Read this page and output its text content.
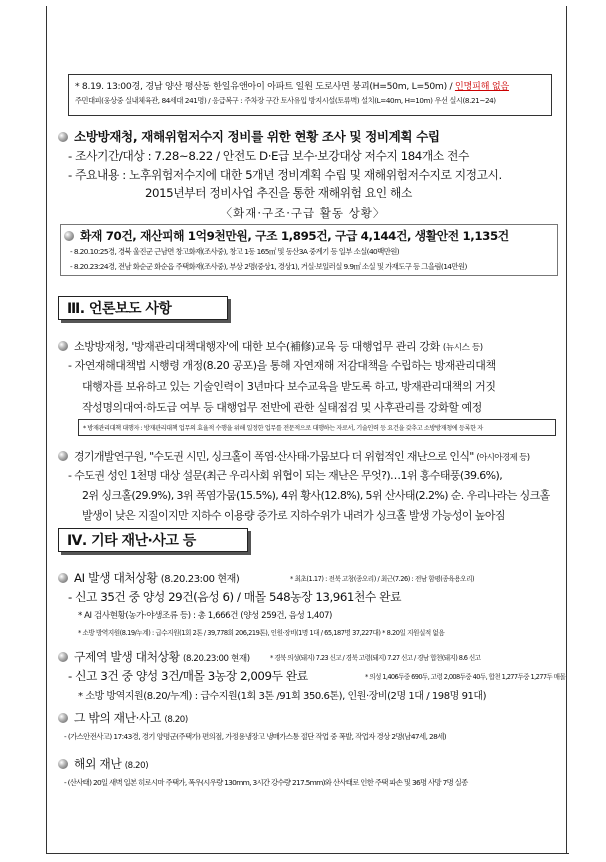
* 8.19. 13:00경, 경남 양산 평산동 한일유앤아이 아파트 일원 도로사면 붕괴(H=50m, L=50m) / 인명피해 없음
주민대피(웅상중 실내체육관, 84세대 241명) / 응급복구 : 주차장 구간 토사유입 방지시설(토류벽) 설치(L=40m, H=10m) 우선 실시(8.21~24)
소방방재청, 재해위험저수지 정비를 위한 현황 조사 및 정비계획 수립
- 조사기간/대상 : 7.28~8.22 / 안전도 D·E급 보수·보강대상 저수지 184개소 전수
- 주요내용 : 노후위험저수지에 대한 5개년 정비계획 수립 및 재해위험저수지로 지정고시.
2015년부터 정비사업 추진을 통한 재해위험 요인 해소
〈화재·구조·구급 활동 상황〉
화재 70건, 재산피해 1억9천만원, 구조 1,895건, 구급 4,144건, 생활안전 1,135건
- 8.20.10:25경, 경북 울진군 근남면 창고화재(조사중), 창고 1동 165㎡ 및 동산3A 중계기 등 일부 소실(40백만원)
- 8.20.23:24경, 전남 화순군 화순읍 주택화재(조사중), 부상 2명(중상1, 경상1), 거실·보일러실 9.9㎡ 소실 및 가재도구 등 그을림(14만원)
Ⅲ. 언론보도 사항
소방방재청, '방재관리대책대행자'에 대한 보수(補修)교육 등 대행업무 관리 강화 (뉴시스 등)
- 자연재해대책법 시행령 개정(8.20 공포)을 통해 자연재해 저감대책을 수립하는 방재관리대책
대행자를 보유하고 있는 기술인력이 3년마다 보수교육을 받도록 하고, 방재관리대책의 거짓
작성명의대여·하도급 여부 등 대행업무 전반에 관한 실태점검 및 사후관리를 강화할 예정
* 방재관리대책 대행자 : 방재관리대책 업무의 효율적 수행을 위해 일정한 업무를 전문적으로 대행하는 자로서, 기술인력 등 요건을 갖추고 소방방재청에 등록한 자
경기개발연구원, "수도권 시민, 싱크홀이 폭염·산사태·가뭄보다 더 위험적인 재난으로 인식" (아시아경제 등)
- 수도권 성인 1천명 대상 설문(최근 우리사회 위협이 되는 재난은 무엇?)…1위 홍수태풍(39.6%),
2위 싱크홀(29.9%), 3위 폭염가뭄(15.5%), 4위 황사(12.8%), 5위 산사태(2.2%) 순. 우리나라는 싱크홀
발생이 낮은 지질이지만 지하수 이용량 증가로 지하수위가 내려가 싱크홀 발생 가능성이 높아짐
Ⅳ. 기타 재난·사고 등
AI 발생 대처상황 (8.20.23:00 현재)	* 최초(1.17) : 전북 고창(종오리) / 최근(7.26) : 전남 함평(종육용오리)
- 신고 35건 중 양성 29건(음성 6) / 매몰 548농장 13,961천수 완료
* AI 검사현황(농가·야생조류 등) : 총 1,666건 (양성 259건, 음성 1,407)
* 소방 방역지원(8.19/누계) : 급수지원(1회 2톤 / 39,778회 206,219톤), 인원·장비(1명 1대 / 65,187명 37,227대) * 8.20일 지원실적 없음
구제역 발생 대처상황 (8.20.23:00 현재)	* 경북 의성(돼지) 7.23 신고 / 경북 고령(돼지) 7.27 신고 / 경남 합천(돼지) 8.6 신고
- 신고 3건 중 양성 3건/매몰 3농장 2,009두 완료	* 의성 1,406두중 690두, 고령 2,008두중 40두, 합천 1,277두중 1,277두 매몰
* 소방 방역지원(8.20/누계) : 급수지원(1회 3톤 /91회 350.6톤), 인원·장비(2명 1대 / 198명 91대)
그 밖의 재난·사고 (8.20)
- (가스안전사고) 17:43경, 경기 양평군(주택가) 편의점, 가정용냉장고 냉매가스통 절단 작업 중 폭발, 작업자 경상 2명(남47세, 28세)
해외 재난 (8.20)
- (산사태) 20일 새벽 일본 히로시마 주택가, 폭우(시우량 130mm, 3시간 강수량 217.5mm)와 산사태로 인한 주택 파손 및 36명 사망 7명 실종
